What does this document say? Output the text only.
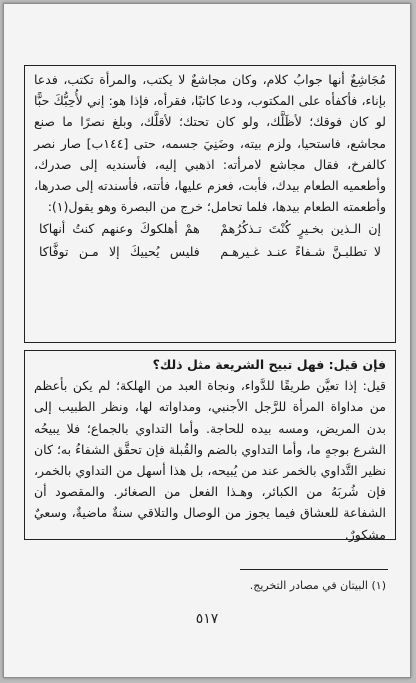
مُجَاشِعٌ أنها جوابُ كلام، وكان مجاشعٌ لا يكتب، والمرأة تكتب، فدعا بإناء، فأكفأه على المكتوب، ودعا كاتبًا، فقرأه، فإذا هو: إني لأُحِبُّكَ حبًّا لو كان فوقك؛ لأظَلَّك، ولو كان تحتك؛ لأقلَّك، وبلغ نصرًا ما صنع مجاشع، فاستحيا، ولزم بيته، وضَنِيَ جسمه، حتى [١٤٤ب] صار نصر كالفرخ، فقال مجاشع لامرأته: اذهبي إليه، فأسنديه إلى صدرك، وأطعميه الطعام بيدك، فأبت، فعزم عليها، فأتته، فأسندته إلى صدرها، وأطعمته الطعام بيدها، فلما تحامل؛ خرج من البصرة وهو يقول(١):

إن الـذين بخـيرٍ كُنْتَ تـذكُرُهمْ
همْ أهلكوكَ وعنهم كنتُ أنهاكا
لا تطلبـنَّ شـفاءً عنـد غـيرهـم
فليس يُحييكَ إلا مـن توفَّاكا

فإن قيل: فهل تبيح الشريعة مثل ذلك؟

قيل: إذا تعيَّن طريقًا للدَّواء، ونجاة العبد من الهلكة؛ لم يكن بأعظم من مداواة المرأة للرَّجل الأجنبي، ومداواته لها، ونظر الطبيب إلى بدن المريض، ومسه بيده للحاجة. وأما التداوي بالجماع؛ فلا يبيحُه الشرع بوجهٍ ما، وأما التداوي بالضم والقُبلة فإن تحقَّق الشفاءُ به؛ كان نظير التَّداوي بالخمر عند من يُبيحه، بل هذا أسهل من التداوي بالخمر، فإن شُربَهُ من الكبائر، وهـذا الفعل من الصغائر. والمقصود أن الشفاعة للعشاق فيما يجوز من الوصال والتلاقي سنةٌ ماضيةٌ، وسعيٌ مشكورٌ.

(١) البيتان في مصادر التخريج.
٥١٧
